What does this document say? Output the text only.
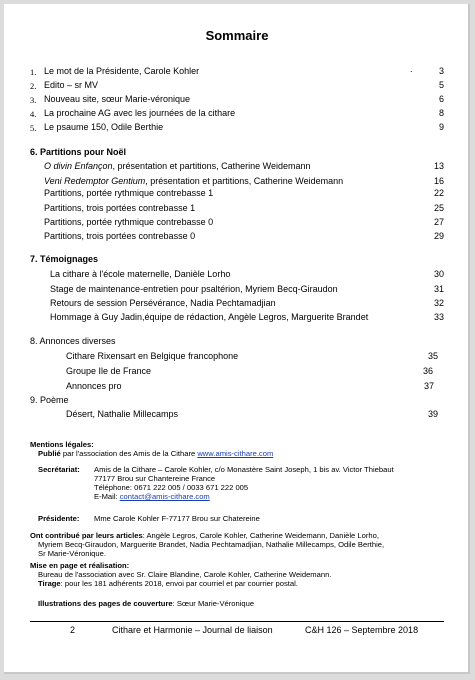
Sommaire
1. Le mot de la Présidente, Carole Kohler	.	3
2. Edito – sr MV	5
3. Nouveau site, sœur Marie-véronique	6
4. La prochaine AG avec les journées de la cithare	8
5. Le psaume 150, Odile Berthie	9
6. Partitions pour Noël
O divin Enfançon, présentation et partitions, Catherine Weidemann	13
Veni Redemptor Gentium, présentation et partitions, Catherine Weidemann	16
Partitions, portée rythmique contrebasse 1	22
Partitions, trois portées contrebasse 1	25
Partitions, portée rythmique contrebasse 0	27
Partitions, trois portées contrebasse 0	29
7. Témoignages
La cithare à l'école maternelle, Danièle Lorho	30
Stage de maintenance-entretien pour psaltérion, Myriem Becq-Giraudon	31
Retours de session Persévérance, Nadia Pechtamadjian	32
Hommage à Guy Jadin,équipe de rédaction, Angèle Legros, Marguerite Brandet	33
8. Annonces diverses
Cithare Rixensart en Belgique francophone	35
Groupe Ile de France	36
Annonces pro	37
9. Poème
Désert, Nathalie Millecamps	39
Mentions légales:
Publié par l'association des Amis de la Cithare www.amis-cithare.com
Secrétariat: Amis de la Cithare – Carole Kohler, c/o Monastère Saint Joseph, 1 bis av. Victor Thiebaut
77177 Brou sur Chantereine France
Téléphone: 0671 222 005 / 0033 671 222 005
E-Mail: contact@amis-cithare.com
Présidente: Mme Carole Kohler F-77177 Brou sur Chatereine
Ont contribué par leurs articles: Angèle Legros, Carole Kohler, Catherine Weidemann, Danièle Lorho,
Myriem Becq-Giraudon, Marguerite Brandet, Nadia Pechtamadjian, Nathalie Millecamps, Odile Berthie,
Sr Marie-Véronique.
Mise en page et réalisation:
Bureau de l'association avec Sr. Claire Blandine, Carole Kohler, Catherine Weidemann.
Tirage: pour les 181 adhérents 2018, envoi par courriel et par courrier postal.
Illustrations des pages de couverture: Sœur Marie-Véronique
2	Cithare et Harmonie – Journal de liaison	C&H 126 – Septembre 2018
